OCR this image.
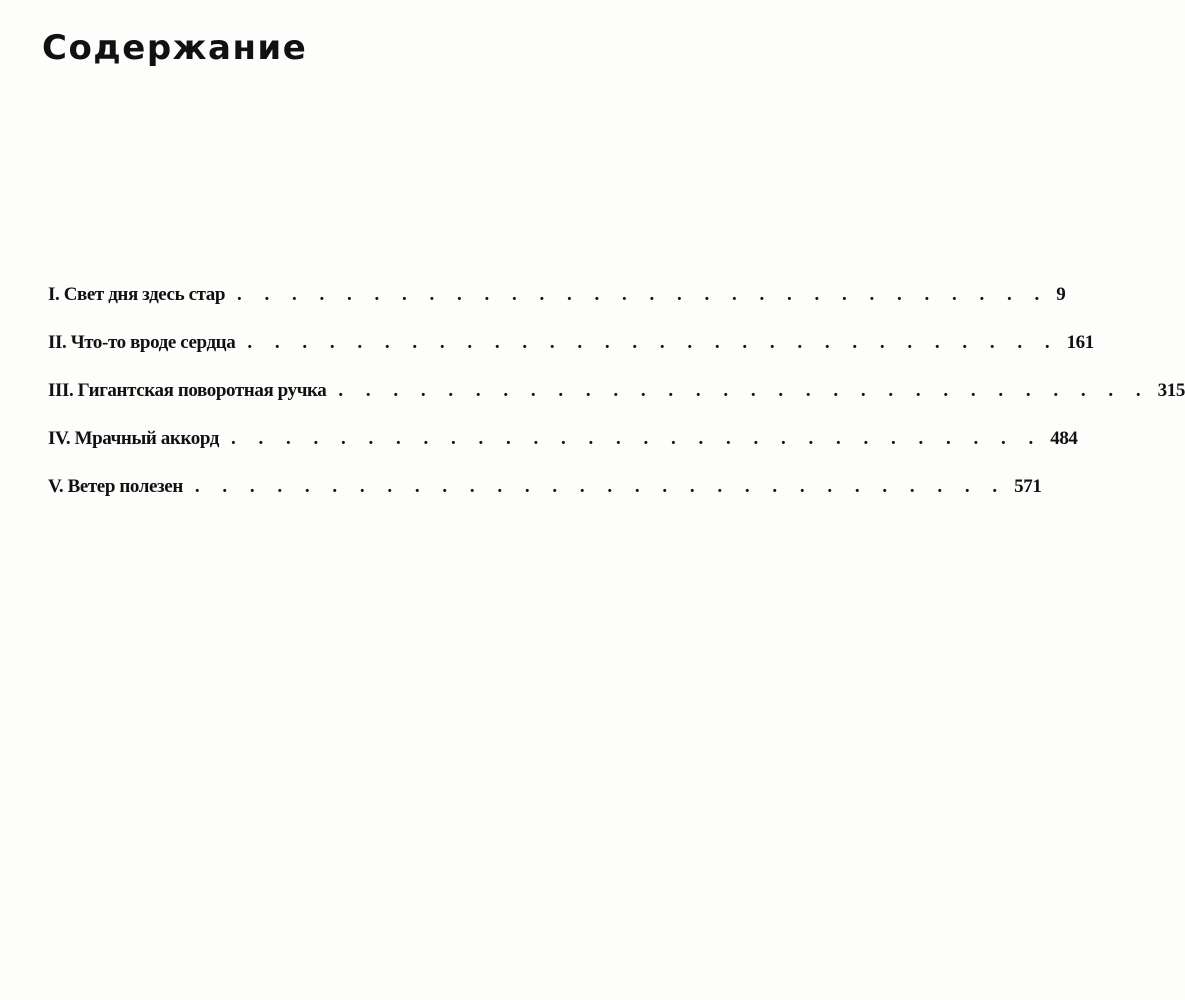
Содержание
I. Свет дня здесь стар . . . . . . . . . . . . . . . . . . . . . . . . . . . . . . 9
II. Что-то вроде сердца . . . . . . . . . . . . . . . . . . . . . . . . . . . . . . 161
III. Гигантская поворотная ручка . . . . . . . . . . . . . . . . . . . . . . . . . . . . . . 315
IV. Мрачный аккорд . . . . . . . . . . . . . . . . . . . . . . . . . . . . . . 484
V. Ветер полезен . . . . . . . . . . . . . . . . . . . . . . . . . . . . . . 571
